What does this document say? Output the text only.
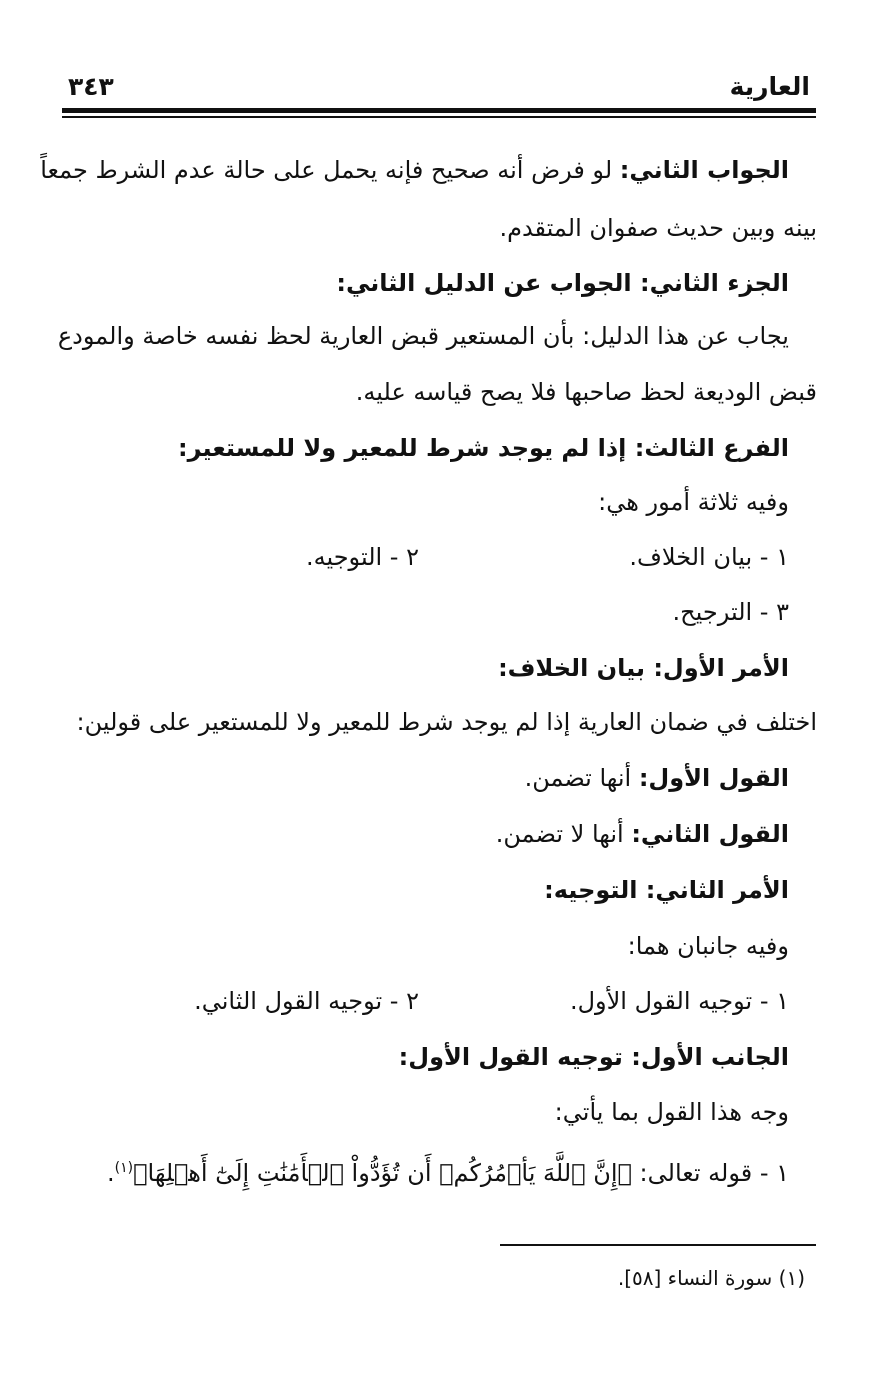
العارية
٣٤٣
الجواب الثاني: لو فرض أنه صحيح فإنه يحمل على حالة عدم الشرط جمعاً
بينه وبين حديث صفوان المتقدم.
الجزء الثاني: الجواب عن الدليل الثاني:
يجاب عن هذا الدليل: بأن المستعير قبض العارية لحظ نفسه خاصة والمودع
قبض الوديعة لحظ صاحبها فلا يصح قياسه عليه.
الفرع الثالث: إذا لم يوجد شرط للمعير ولا للمستعير:
وفيه ثلاثة أمور هي:
١ - بيان الخلاف.
٢ - التوجيه.
٣ - الترجيح.
الأمر الأول: بيان الخلاف:
اختلف في ضمان العارية إذا لم يوجد شرط للمعير ولا للمستعير على قولين:
القول الأول: أنها تضمن.
القول الثاني: أنها لا تضمن.
الأمر الثاني: التوجيه:
وفيه جانبان هما:
١ - توجيه القول الأول.
٢ - توجيه القول الثاني.
الجانب الأول: توجيه القول الأول:
وجه هذا القول بما يأتي:
١ - قوله تعالى: ﴿إِنَّ ٱللَّهَ يَأۡمُرُكُمۡ أَن تُؤَدُّواْ ٱلۡأَمَٰنَٰتِ إِلَىٰٓ أَهۡلِهَا﴾$^{(١)}$.
(١) سورة النساء [٥٨].
